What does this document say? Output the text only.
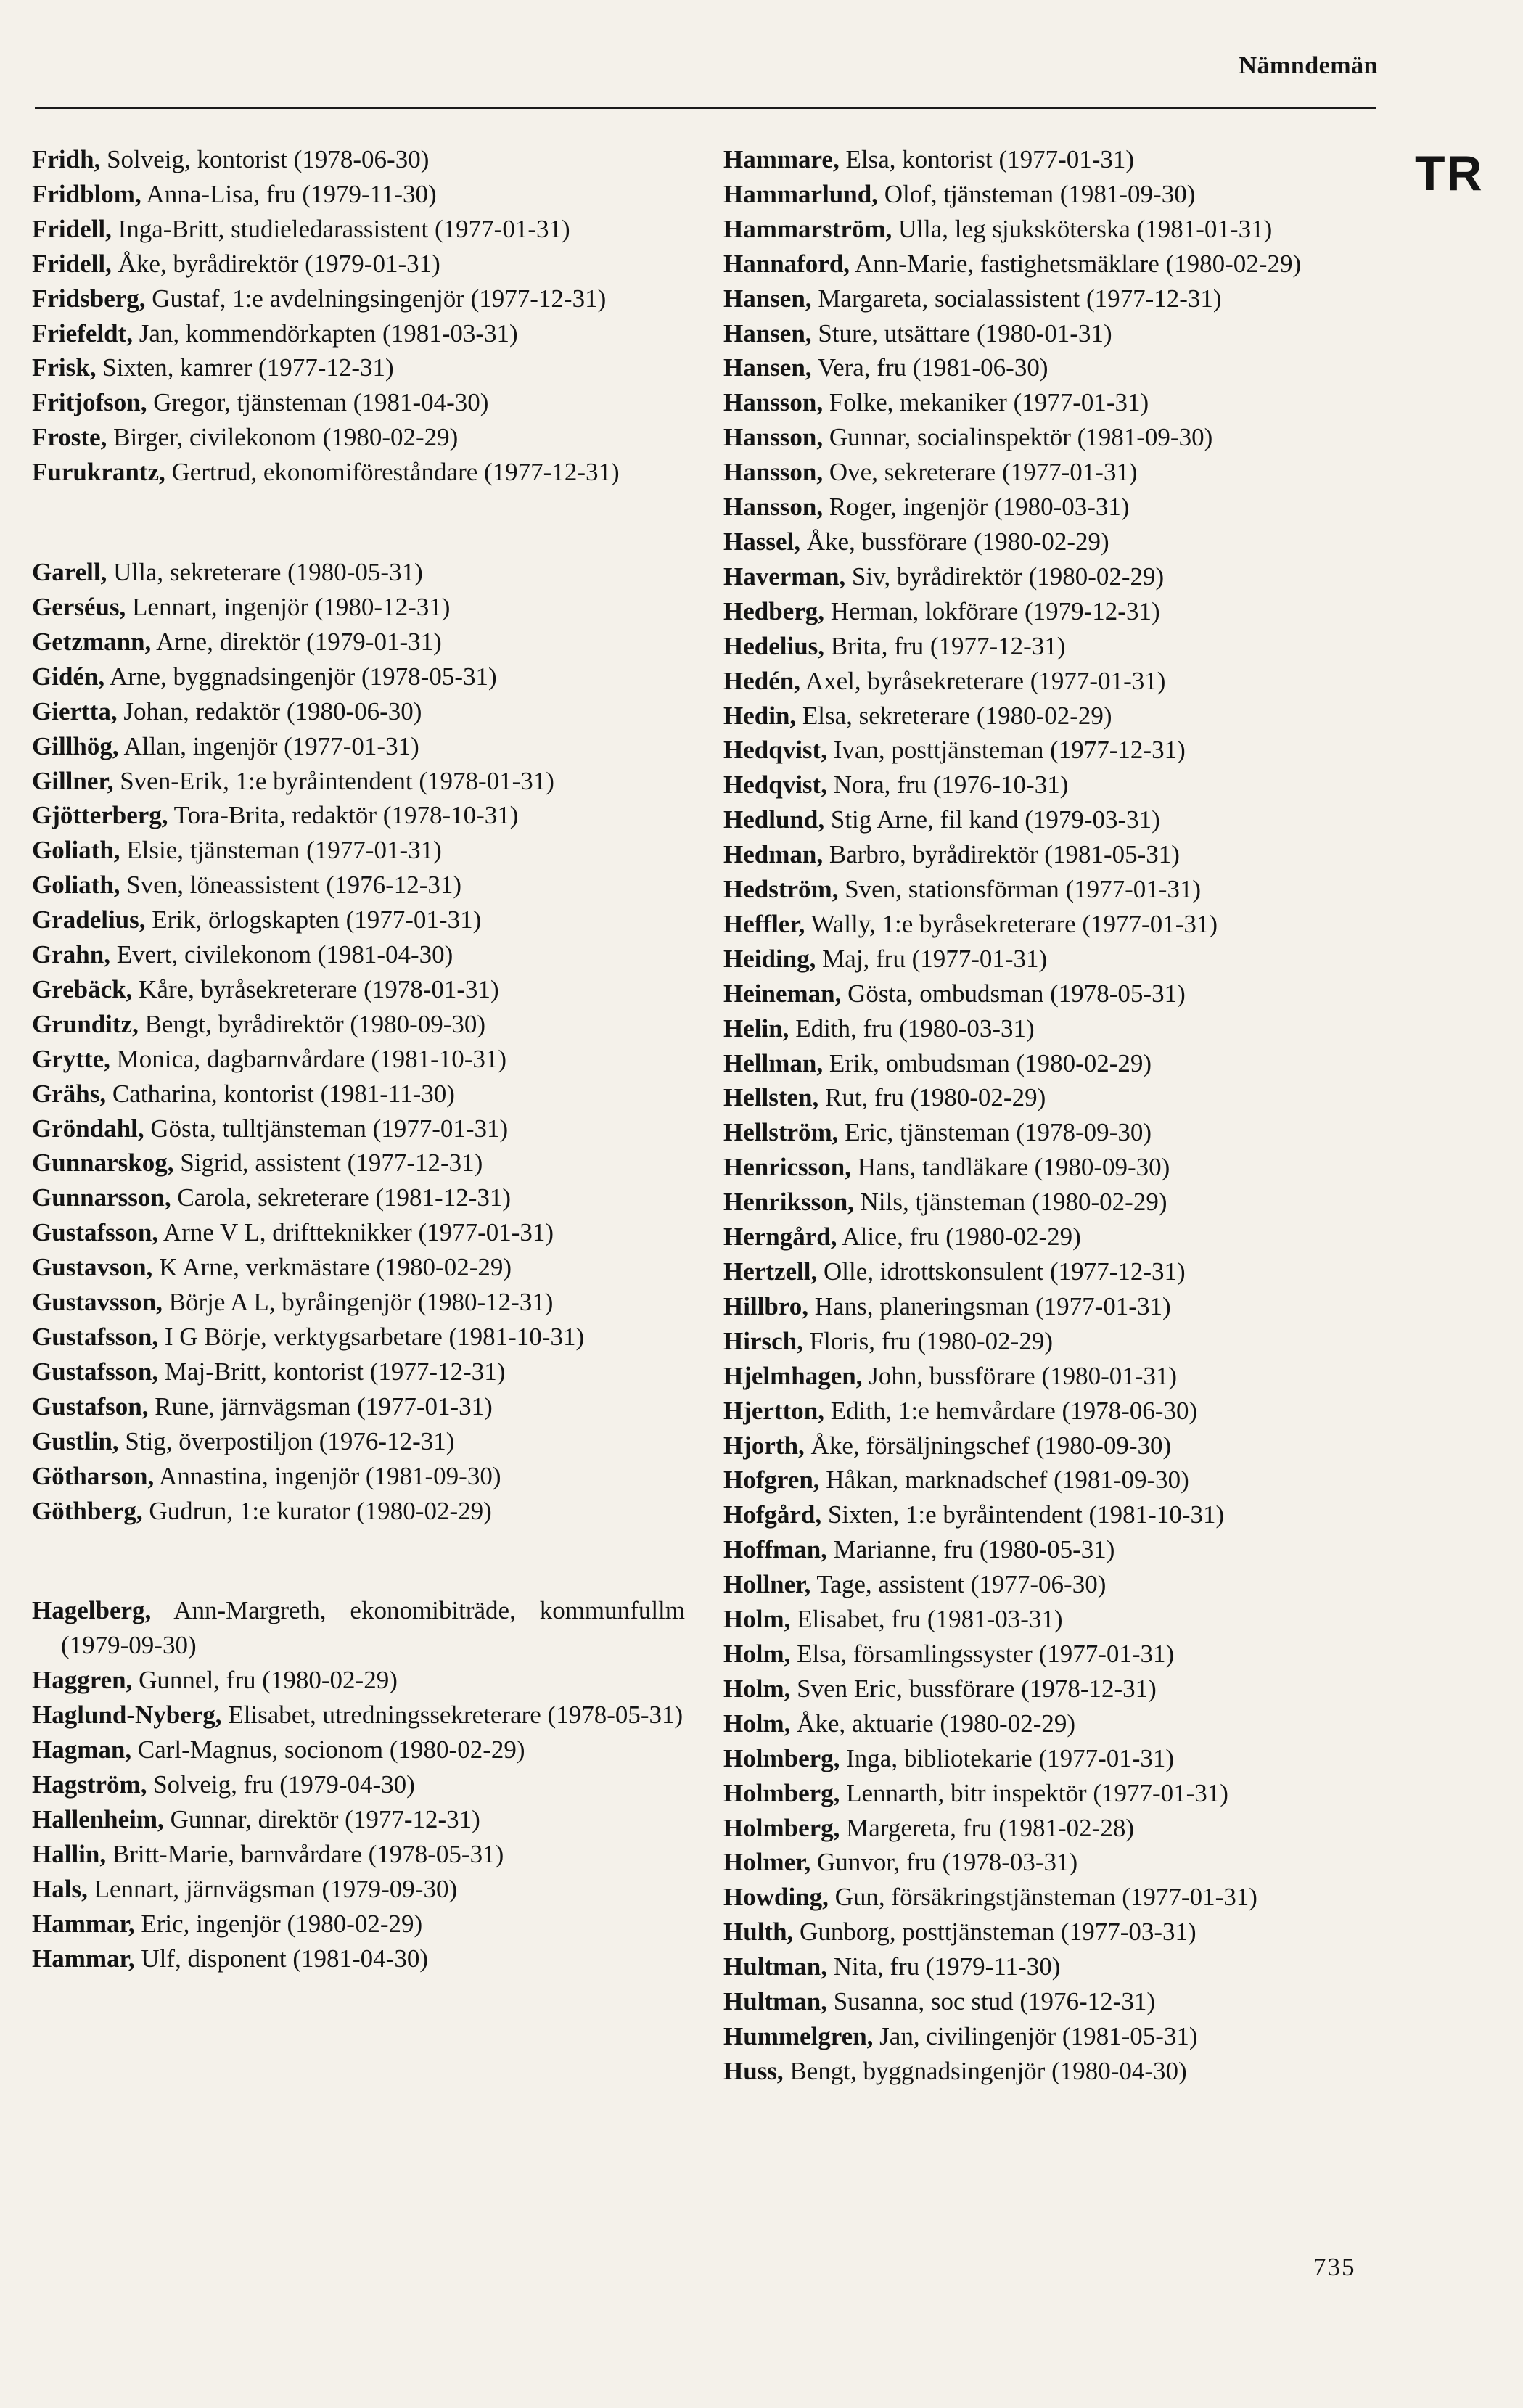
Nämndemän
TR
Fridh, Solveig, kontorist (1978-06-30)
Fridblom, Anna-Lisa, fru (1979-11-30)
Fridell, Inga-Britt, studieledarassistent (1977-01-31)
Fridell, Åke, byrådirektör (1979-01-31)
Fridsberg, Gustaf, 1:e avdelningsingenjör (1977-12-31)
Friefeldt, Jan, kommendörkapten (1981-03-31)
Frisk, Sixten, kamrer (1977-12-31)
Fritjofson, Gregor, tjänsteman (1981-04-30)
Froste, Birger, civilekonom (1980-02-29)
Furukrantz, Gertrud, ekonomiföreståndare (1977-12-31)
Garell, Ulla, sekreterare (1980-05-31)
Gerséus, Lennart, ingenjör (1980-12-31)
Getzmann, Arne, direktör (1979-01-31)
Gidén, Arne, byggnadsingenjör (1978-05-31)
Giertta, Johan, redaktör (1980-06-30)
Gillhög, Allan, ingenjör (1977-01-31)
Gillner, Sven-Erik, 1:e byråintendent (1978-01-31)
Gjötterberg, Tora-Brita, redaktör (1978-10-31)
Goliath, Elsie, tjänsteman (1977-01-31)
Goliath, Sven, löneassistent (1976-12-31)
Gradelius, Erik, örlogskapten (1977-01-31)
Grahn, Evert, civilekonom (1981-04-30)
Grebäck, Kåre, byråsekreterare (1978-01-31)
Grunditz, Bengt, byrådirektör (1980-09-30)
Grytte, Monica, dagbarnvårdare (1981-10-31)
Grähs, Catharina, kontorist (1981-11-30)
Gröndahl, Gösta, tulltjänsteman (1977-01-31)
Gunnarskog, Sigrid, assistent (1977-12-31)
Gunnarsson, Carola, sekreterare (1981-12-31)
Gustafsson, Arne V L, driftteknikker (1977-01-31)
Gustavson, K Arne, verkmästare (1980-02-29)
Gustavsson, Börje A L, byråingenjör (1980-12-31)
Gustafsson, I G Börje, verktygsarbetare (1981-10-31)
Gustafsson, Maj-Britt, kontorist (1977-12-31)
Gustafson, Rune, järnvägsman (1977-01-31)
Gustlin, Stig, överpostiljon (1976-12-31)
Götharson, Annastina, ingenjör (1981-09-30)
Göthberg, Gudrun, 1:e kurator (1980-02-29)
Hagelberg, Ann-Margreth, ekonomibiträde, kommunfullm (1979-09-30)
Haggren, Gunnel, fru (1980-02-29)
Haglund-Nyberg, Elisabet, utredningssekreterare (1978-05-31)
Hagman, Carl-Magnus, socionom (1980-02-29)
Hagström, Solveig, fru (1979-04-30)
Hallenheim, Gunnar, direktör (1977-12-31)
Hallin, Britt-Marie, barnvårdare (1978-05-31)
Hals, Lennart, järnvägsman (1979-09-30)
Hammar, Eric, ingenjör (1980-02-29)
Hammar, Ulf, disponent (1981-04-30)
Hammare, Elsa, kontorist (1977-01-31)
Hammarlund, Olof, tjänsteman (1981-09-30)
Hammarström, Ulla, leg sjuksköterska (1981-01-31)
Hannaford, Ann-Marie, fastighetsmäklare (1980-02-29)
Hansen, Margareta, socialassistent (1977-12-31)
Hansen, Sture, utsättare (1980-01-31)
Hansen, Vera, fru (1981-06-30)
Hansson, Folke, mekaniker (1977-01-31)
Hansson, Gunnar, socialinspektör (1981-09-30)
Hansson, Ove, sekreterare (1977-01-31)
Hansson, Roger, ingenjör (1980-03-31)
Hassel, Åke, bussförare (1980-02-29)
Haverman, Siv, byrådirektör (1980-02-29)
Hedberg, Herman, lokförare (1979-12-31)
Hedelius, Brita, fru (1977-12-31)
Hedén, Axel, byråsekreterare (1977-01-31)
Hedin, Elsa, sekreterare (1980-02-29)
Hedqvist, Ivan, posttjänsteman (1977-12-31)
Hedqvist, Nora, fru (1976-10-31)
Hedlund, Stig Arne, fil kand (1979-03-31)
Hedman, Barbro, byrådirektör (1981-05-31)
Hedström, Sven, stationsförman (1977-01-31)
Heffler, Wally, 1:e byråsekreterare (1977-01-31)
Heiding, Maj, fru (1977-01-31)
Heineman, Gösta, ombudsman (1978-05-31)
Helin, Edith, fru (1980-03-31)
Hellman, Erik, ombudsman (1980-02-29)
Hellsten, Rut, fru (1980-02-29)
Hellström, Eric, tjänsteman (1978-09-30)
Henricsson, Hans, tandläkare (1980-09-30)
Henriksson, Nils, tjänsteman (1980-02-29)
Herngård, Alice, fru (1980-02-29)
Hertzell, Olle, idrottskonsulent (1977-12-31)
Hillbro, Hans, planeringsman (1977-01-31)
Hirsch, Floris, fru (1980-02-29)
Hjelmhagen, John, bussförare (1980-01-31)
Hjertton, Edith, 1:e hemvårdare (1978-06-30)
Hjorth, Åke, försäljningschef (1980-09-30)
Hofgren, Håkan, marknadschef (1981-09-30)
Hofgård, Sixten, 1:e byråintendent (1981-10-31)
Hoffman, Marianne, fru (1980-05-31)
Hollner, Tage, assistent (1977-06-30)
Holm, Elisabet, fru (1981-03-31)
Holm, Elsa, församlingssyster (1977-01-31)
Holm, Sven Eric, bussförare (1978-12-31)
Holm, Åke, aktuarie (1980-02-29)
Holmberg, Inga, bibliotekarie (1977-01-31)
Holmberg, Lennarth, bitr inspektör (1977-01-31)
Holmberg, Margereta, fru (1981-02-28)
Holmer, Gunvor, fru (1978-03-31)
Howding, Gun, försäkringstjänsteman (1977-01-31)
Hulth, Gunborg, posttjänsteman (1977-03-31)
Hultman, Nita, fru (1979-11-30)
Hultman, Susanna, soc stud (1976-12-31)
Hummelgren, Jan, civilingenjör (1981-05-31)
Huss, Bengt, byggnadsingenjör (1980-04-30)
735
